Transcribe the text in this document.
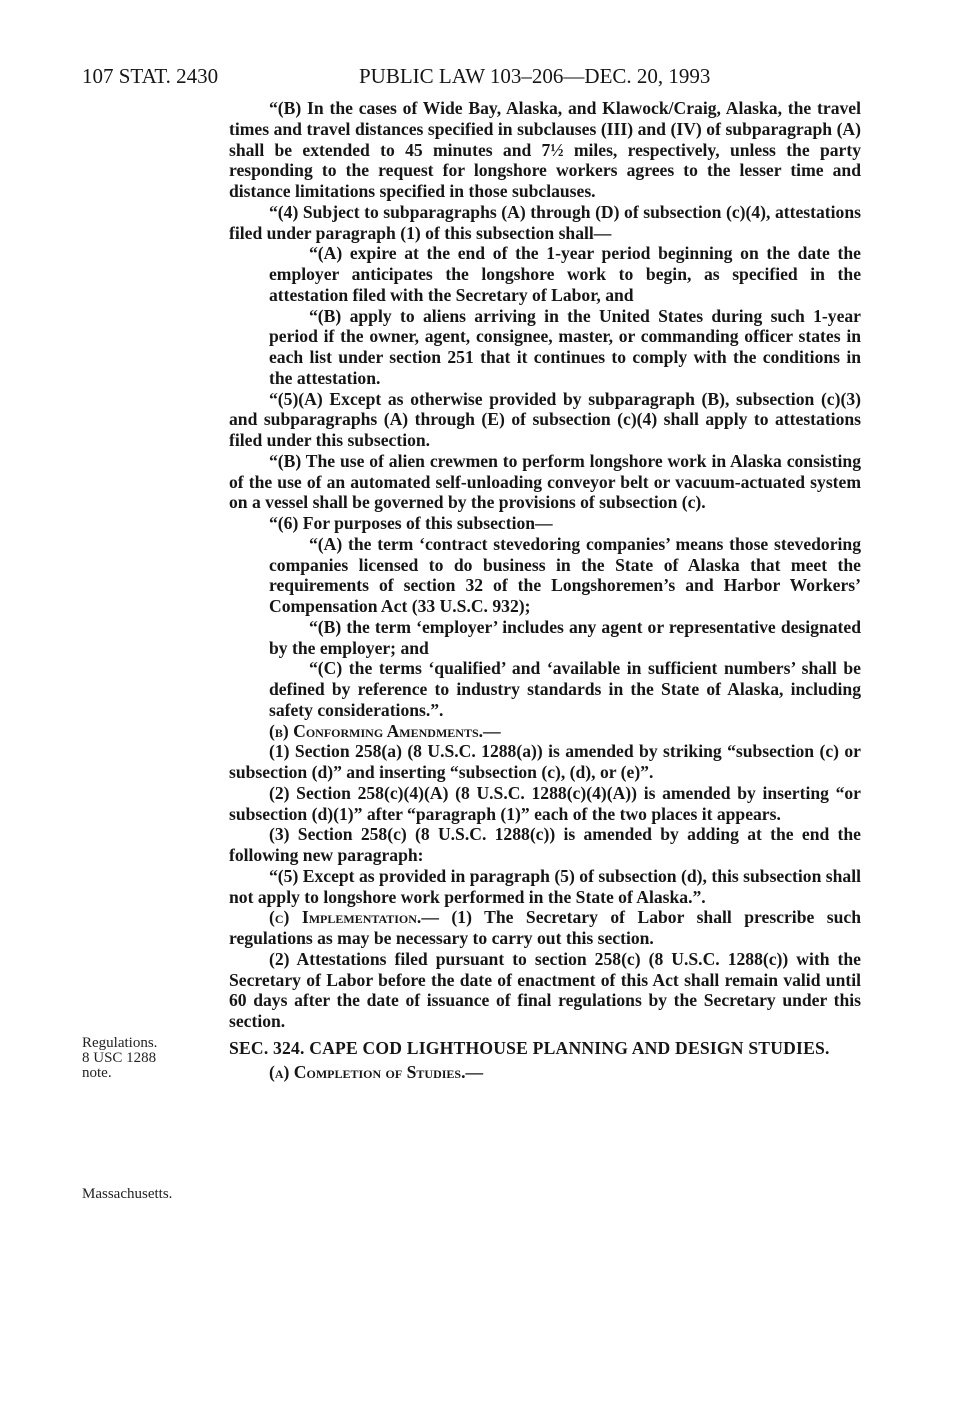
107 STAT. 2430	PUBLIC LAW 103–206—DEC. 20, 1993
Regulations.
8 USC 1288
note.
Massachusetts.

“(B) In the cases of Wide Bay, Alaska, and Klawock/Craig, Alaska, the travel times and travel distances specified in subclauses (III) and (IV) of subparagraph (A) shall be extended to 45 minutes and 7½ miles, respectively, unless the party responding to the request for longshore workers agrees to the lesser time and distance limitations specified in those subclauses.

“(4) Subject to subparagraphs (A) through (D) of subsection (c)(4), attestations filed under paragraph (1) of this subsection shall—

“(A) expire at the end of the 1-year period beginning on the date the employer anticipates the longshore work to begin, as specified in the attestation filed with the Secretary of Labor, and

“(B) apply to aliens arriving in the United States during such 1-year period if the owner, agent, consignee, master, or commanding officer states in each list under section 251 that it continues to comply with the conditions in the attestation.

“(5)(A) Except as otherwise provided by subparagraph (B), subsection (c)(3) and subparagraphs (A) through (E) of subsection (c)(4) shall apply to attestations filed under this subsection.

“(B) The use of alien crewmen to perform longshore work in Alaska consisting of the use of an automated self-unloading conveyor belt or vacuum-actuated system on a vessel shall be governed by the provisions of subsection (c).

“(6) For purposes of this subsection—

“(A) the term ‘contract stevedoring companies’ means those stevedoring companies licensed to do business in the State of Alaska that meet the requirements of section 32 of the Longshoremen’s and Harbor Workers’ Compensation Act (33 U.S.C. 932);

“(B) the term ‘employer’ includes any agent or representative designated by the employer; and

“(C) the terms ‘qualified’ and ‘available in sufficient numbers’ shall be defined by reference to industry standards in the State of Alaska, including safety considerations.”.

(b) Conforming Amendments.—

(1) Section 258(a) (8 U.S.C. 1288(a)) is amended by striking “subsection (c) or subsection (d)” and inserting “subsection (c), (d), or (e)”.

(2) Section 258(c)(4)(A) (8 U.S.C. 1288(c)(4)(A)) is amended by inserting “or subsection (d)(1)” after “paragraph (1)” each of the two places it appears.

(3) Section 258(c) (8 U.S.C. 1288(c)) is amended by adding at the end the following new paragraph:

“(5) Except as provided in paragraph (5) of subsection (d), this subsection shall not apply to longshore work performed in the State of Alaska.”.

(c) Implementation.— (1) The Secretary of Labor shall prescribe such regulations as may be necessary to carry out this section.

(2) Attestations filed pursuant to section 258(c) (8 U.S.C. 1288(c)) with the Secretary of Labor before the date of enactment of this Act shall remain valid until 60 days after the date of issuance of final regulations by the Secretary under this section.

SEC. 324. CAPE COD LIGHTHOUSE PLANNING AND DESIGN STUDIES.

(a) Completion of Studies.—
